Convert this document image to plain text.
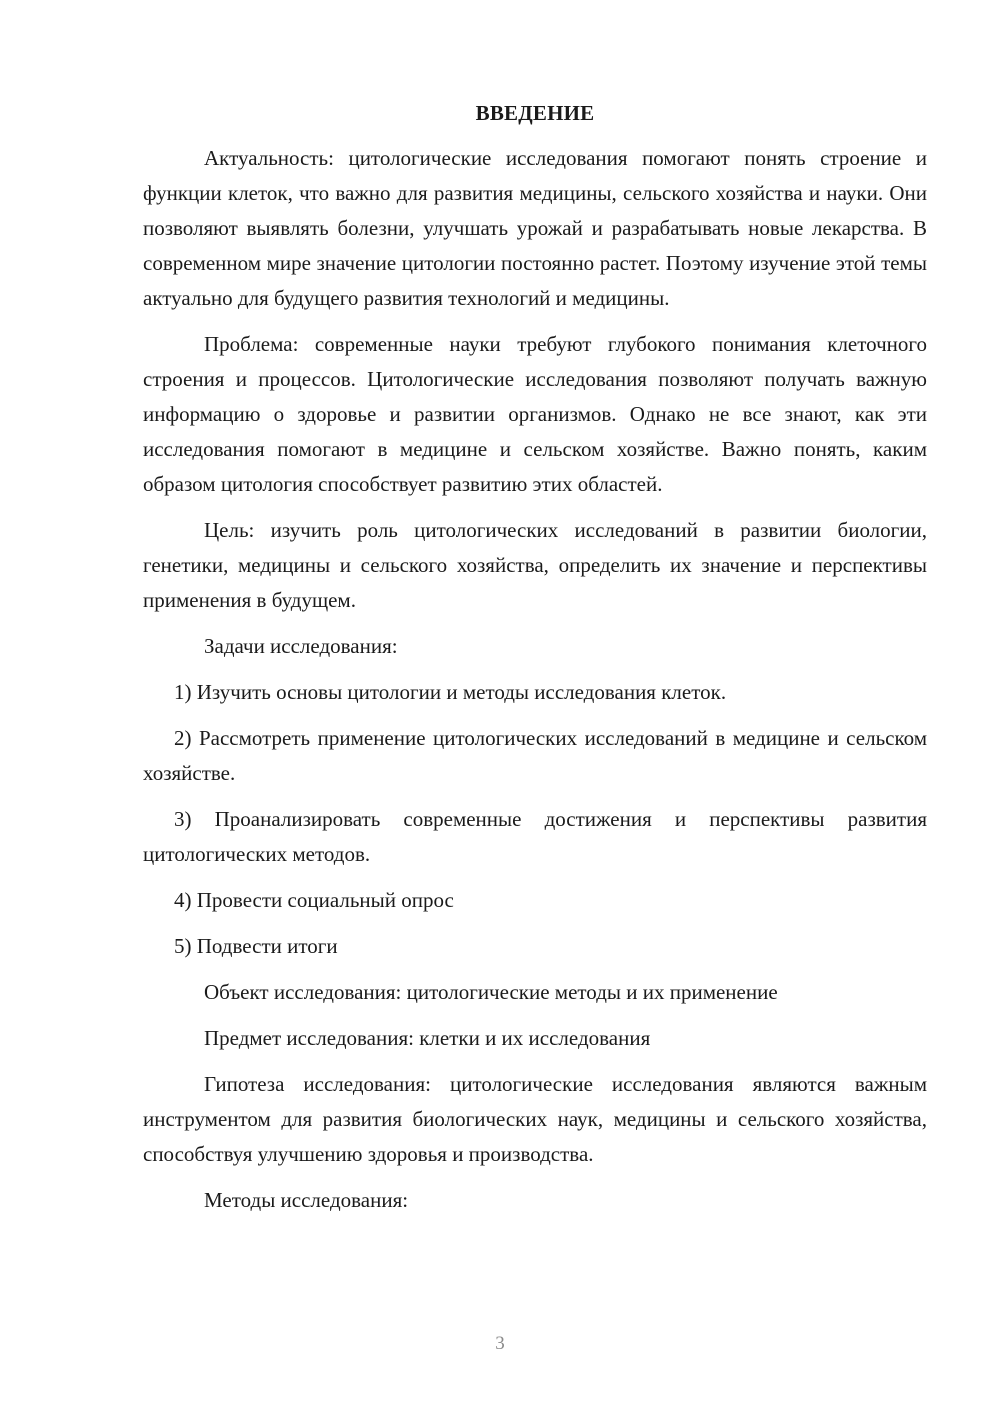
ВВЕДЕНИЕ

Актуальность: цитологические исследования помогают понять строение и функции клеток, что важно для развития медицины, сельского хозяйства и науки. Они позволяют выявлять болезни, улучшать урожай и разрабатывать новые лекарства. В современном мире значение цитологии постоянно растет. Поэтому изучение этой темы актуально для будущего развития технологий и медицины.

Проблема: современные науки требуют глубокого понимания клеточного строения и процессов. Цитологические исследования позволяют получать важную информацию о здоровье и развитии организмов. Однако не все знают, как эти исследования помогают в медицине и сельском хозяйстве. Важно понять, каким образом цитология способствует развитию этих областей.

Цель: изучить роль цитологических исследований в развитии биологии, генетики, медицины и сельского хозяйства, определить их значение и перспективы применения в будущем.

Задачи исследования:

1) Изучить основы цитологии и методы исследования клеток.

2) Рассмотреть применение цитологических исследований в медицине и сельском хозяйстве.

3) Проанализировать современные достижения и перспективы развития цитологических методов.

4) Провести социальный опрос

5) Подвести итоги

Объект исследования: цитологические методы и их применение

Предмет исследования: клетки и их исследования

Гипотеза исследования: цитологические исследования являются важным инструментом для развития биологических наук, медицины и сельского хозяйства, способствуя улучшению здоровья и производства.

Методы исследования:

3
